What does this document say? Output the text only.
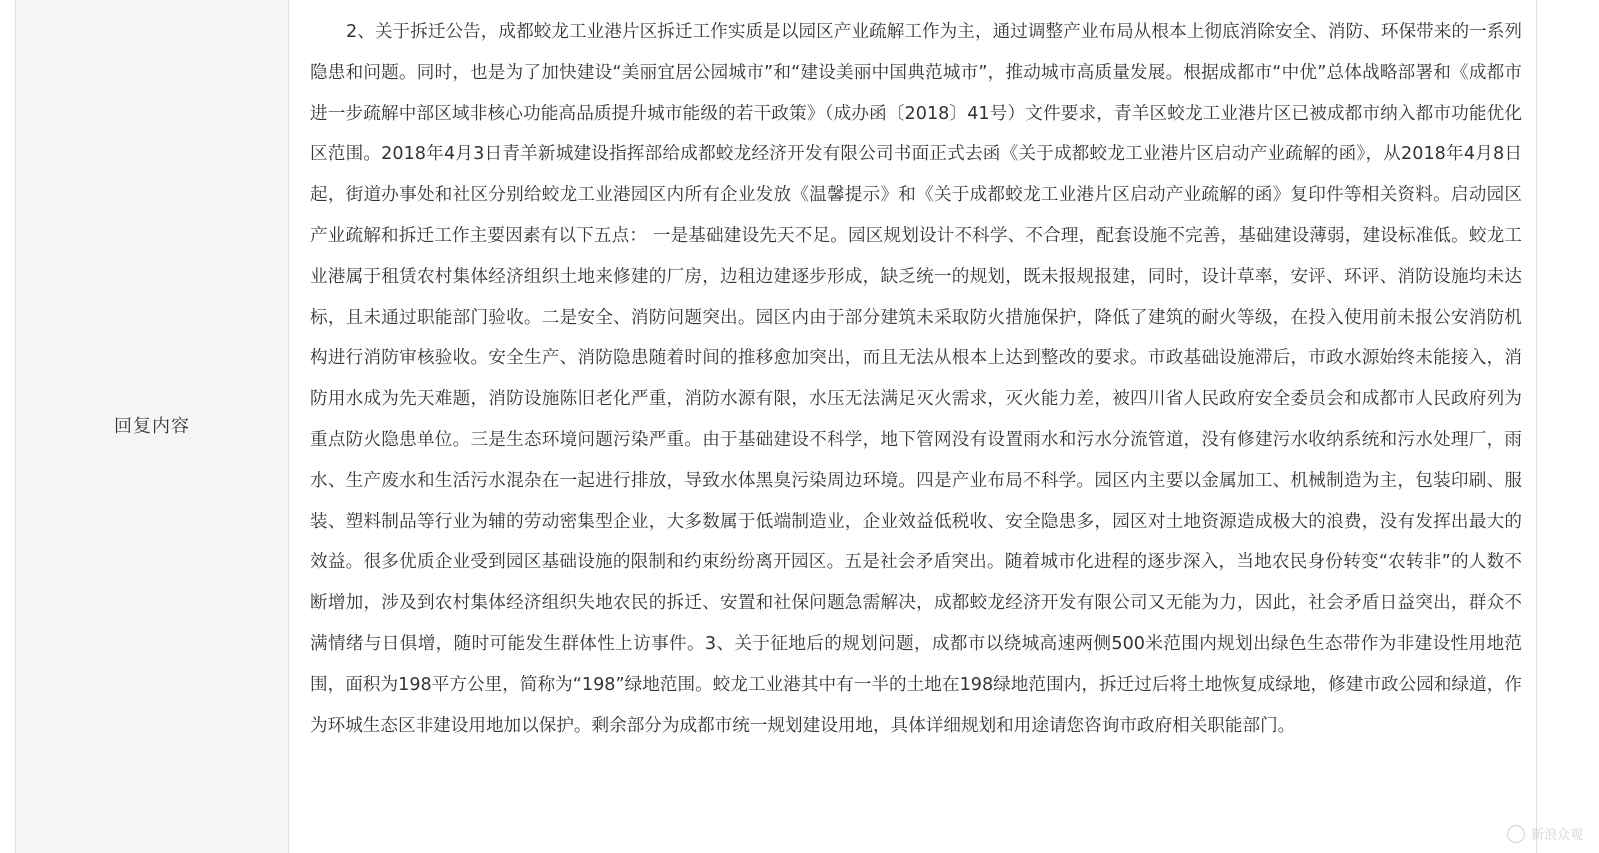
回复内容

2、关于拆迁公告，成都蛟龙工业港片区拆迁工作实质是以园区产业疏解工作为主，通过调整产业布局从根本上彻底消除安全、消防、环保带来的一系列隐患和问题。同时，也是为了加快建设“美丽宜居公园城市”和“建设美丽中国典范城市”，推动城市高质量发展。根据成都市“中优”总体战略部署和《成都市进一步疏解中部区域非核心功能高品质提升城市能级的若干政策》（成办函〔2018〕41号）文件要求，青羊区蛟龙工业港片区已被成都市纳入都市功能优化区范围。2018年4月3日青羊新城建设指挥部给成都蛟龙经济开发有限公司书面正式去函《关于成都蛟龙工业港片区启动产业疏解的函》，从2018年4月8日起，街道办事处和社区分别给蛟龙工业港园区内所有企业发放《温馨提示》和《关于成都蛟龙工业港片区启动产业疏解的函》复印件等相关资料。启动园区产业疏解和拆迁工作主要因素有以下五点： 一是基础建设先天不足。园区规划设计不科学、不合理，配套设施不完善，基础建设薄弱，建设标准低。蛟龙工业港属于租赁农村集体经济组织土地来修建的厂房，边租边建逐步形成，缺乏统一的规划，既未报规报建，同时，设计草率，安评、环评、消防设施均未达标，且未通过职能部门验收。二是安全、消防问题突出。园区内由于部分建筑未采取防火措施保护，降低了建筑的耐火等级，在投入使用前未报公安消防机构进行消防审核验收。安全生产、消防隐患随着时间的推移愈加突出，而且无法从根本上达到整改的要求。市政基础设施滞后，市政水源始终未能接入，消防用水成为先天难题，消防设施陈旧老化严重，消防水源有限，水压无法满足灭火需求，灭火能力差，被四川省人民政府安全委员会和成都市人民政府列为重点防火隐患单位。三是生态环境问题污染严重。由于基础建设不科学，地下管网没有设置雨水和污水分流管道，没有修建污水收纳系统和污水处理厂，雨水、生产废水和生活污水混杂在一起进行排放，导致水体黑臭污染周边环境。四是产业布局不科学。园区内主要以金属加工、机械制造为主，包装印刷、服装、塑料制品等行业为辅的劳动密集型企业，大多数属于低端制造业，企业效益低税收、安全隐患多，园区对土地资源造成极大的浪费，没有发挥出最大的效益。很多优质企业受到园区基础设施的限制和约束纷纷离开园区。五是社会矛盾突出。随着城市化进程的逐步深入，当地农民身份转变“农转非”的人数不断增加，涉及到农村集体经济组织失地农民的拆迁、安置和社保问题急需解决，成都蛟龙经济开发有限公司又无能为力，因此，社会矛盾日益突出，群众不满情绪与日俱增，随时可能发生群体性上访事件。3、关于征地后的规划问题，成都市以绕城高速两侧500米范围内规划出绿色生态带作为非建设性用地范围，面积为198平方公里，简称为“198”绿地范围。蛟龙工业港其中有一半的土地在198绿地范围内，拆迁过后将土地恢复成绿地，修建市政公园和绿道，作为环城生态区非建设用地加以保护。剩余部分为成都市统一规划建设用地，具体详细规划和用途请您咨询市政府相关职能部门。

新浪众观
